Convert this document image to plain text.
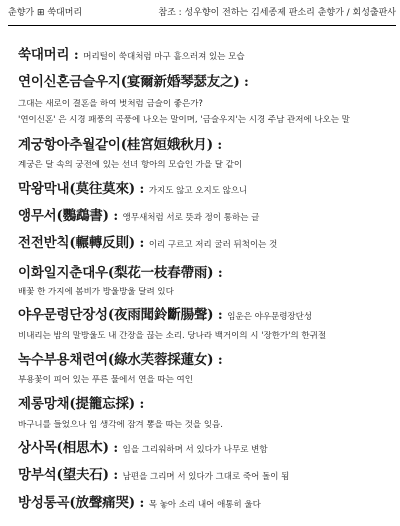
춘향가 ⊞ 쑥대머리	참조 : 성우향이 전하는 김세종제 판소리 춘향가 / 회성출판사
쑥대머리 : 머리털이 쑥대처럼 마구 흩으러져 있는 모습
연이신혼금슬우지(宴爾新婚琴瑟友之) :
그대는 새로이 결혼을 하여 벗처럼 금슬이 좋은가?
'연이신혼' 은 시경 패풍의 곡풍에 나오는 말이며, '금슬우지'는 시경 주남 관저에 나오는 말
계궁항아추월같이(桂宮姮娥秋月) :
계궁은 달 속의 궁전에 있는 선녀 항아의 모습인 가을 달 같이
막왕막내(莫往莫來) : 가지도 않고 오지도 않으니
앵무서(鸚鵡書) : 앵무새처럼 서로 뜻과 정이 통하는 글
전전반칙(輾轉反則) : 이리 구르고 저리 굴러 뒤척이는 것
이화일지춘대우(梨花一枝春帶雨) :
배꽃 한 가지에 봄비가 방울방울 달려 있다
야우문령단장성(夜雨聞鈴斷腸聲) : 임운은 야우문령장단성
비내리는 밤의 말방울도 내 간장을 끊는 소리. 당나라 백거이의 시 '장한가'의 한귀절
녹수부용채련여(綠水芙蓉採蓮女) :
부용꽃이 피어 있는 푸른 물에서 연을 따는 여인
제롱망채(提籠忘採) :
바구니를 들었으나 임 생각에 잠겨 뽕을 따는 것을 잊음.
상사목(相思木) : 임을 그리워하며 서 있다가 나무로 변함
망부석(望夫石) : 남편을 그리며 서 있다가 그대로 죽어 돌이 됨
방성통곡(放聲痛哭) : 목 놓아 소리 내어 애통히 울다
